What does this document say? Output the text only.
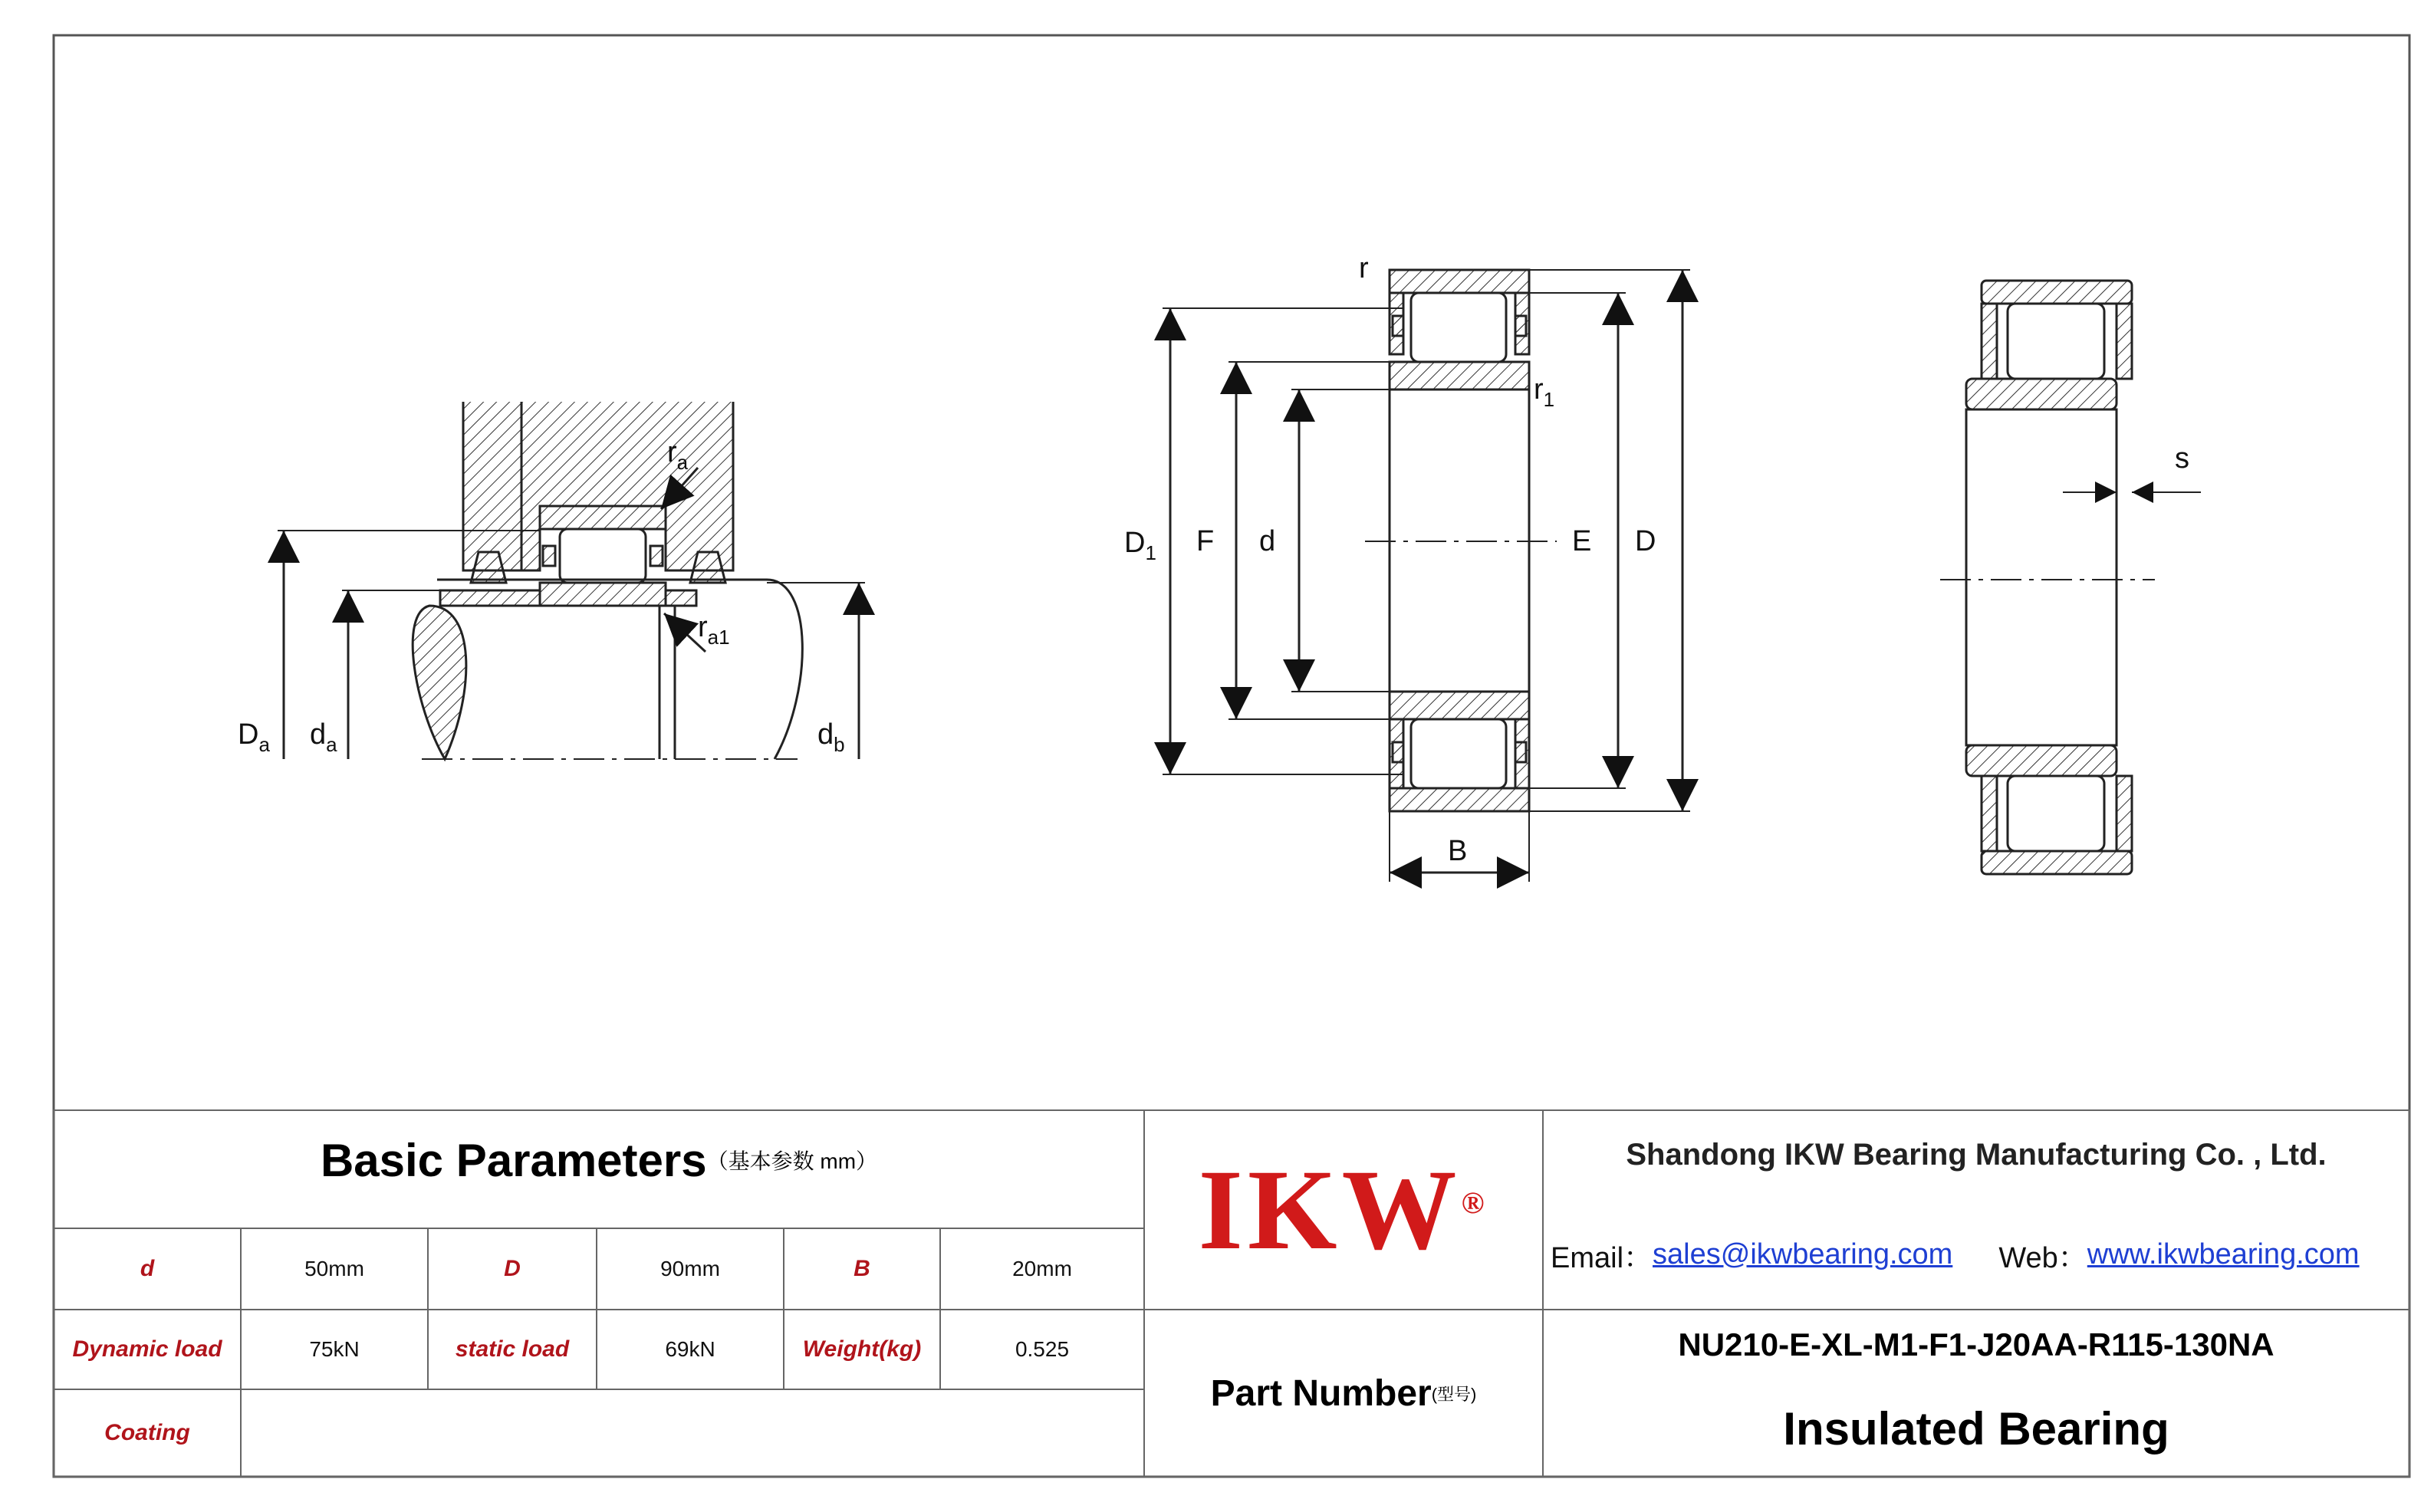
$r_a$
$r_{a1}$
$D_a$ $d_a$	$d_b$
r
$r_1$
$D_1$ F d	E D
B
s
Basic Parameters （基本参数 mm）
d	50mm	D	90mm	B	20mm
Dynamic load	75kN	static load	69kN	Weight(kg)	0.525
Coating
IKW®
Part Number (型号)
Shandong IKW Bearing Manufacturing Co. , Ltd.
Email： sales@ikwbearing.com Web： www.ikwbearing.com
NU210-E-XL-M1-F1-J20AA-R115-130NA
Insulated Bearing
